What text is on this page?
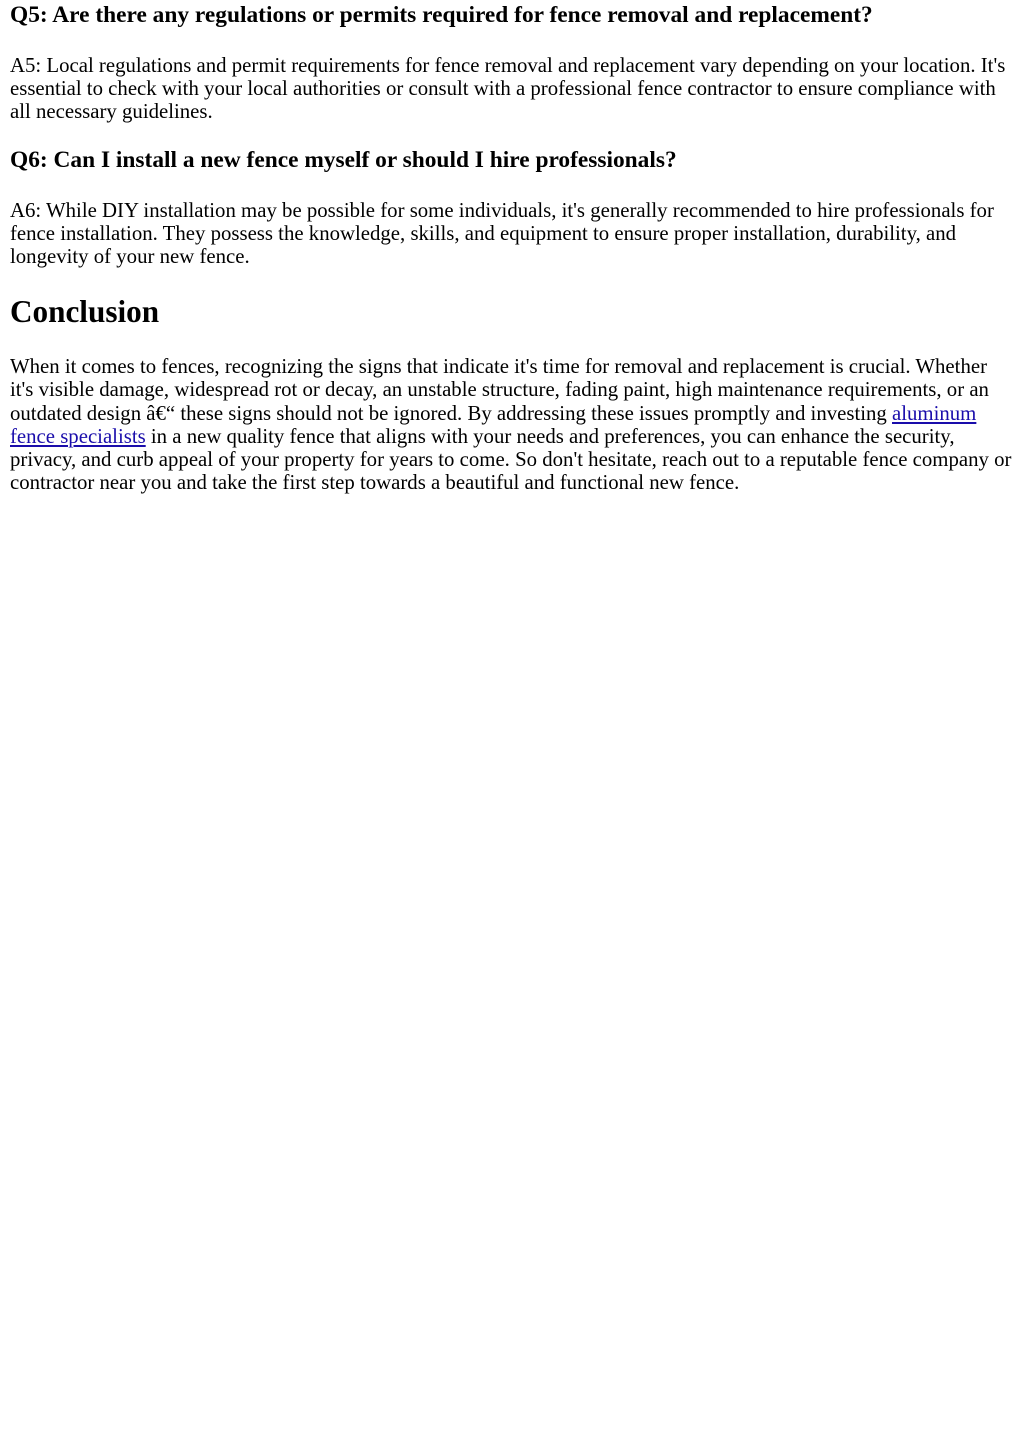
Q5: Are there any regulations or permits required for fence removal and replacement?

A5: Local regulations and permit requirements for fence removal and replacement vary depending on your location. It's essential to check with your local authorities or consult with a professional fence contractor to ensure compliance with all necessary guidelines.

Q6: Can I install a new fence myself or should I hire professionals?

A6: While DIY installation may be possible for some individuals, it's generally recommended to hire professionals for fence installation. They possess the knowledge, skills, and equipment to ensure proper installation, durability, and longevity of your new fence.

Conclusion

When it comes to fences, recognizing the signs that indicate it's time for removal and replacement is crucial. Whether it's visible damage, widespread rot or decay, an unstable structure, fading paint, high maintenance requirements, or an outdated design â€“ these signs should not be ignored. By addressing these issues promptly and investing aluminum fence specialists in a new quality fence that aligns with your needs and preferences, you can enhance the security, privacy, and curb appeal of your property for years to come. So don't hesitate, reach out to a reputable fence company or contractor near you and take the first step towards a beautiful and functional new fence.
